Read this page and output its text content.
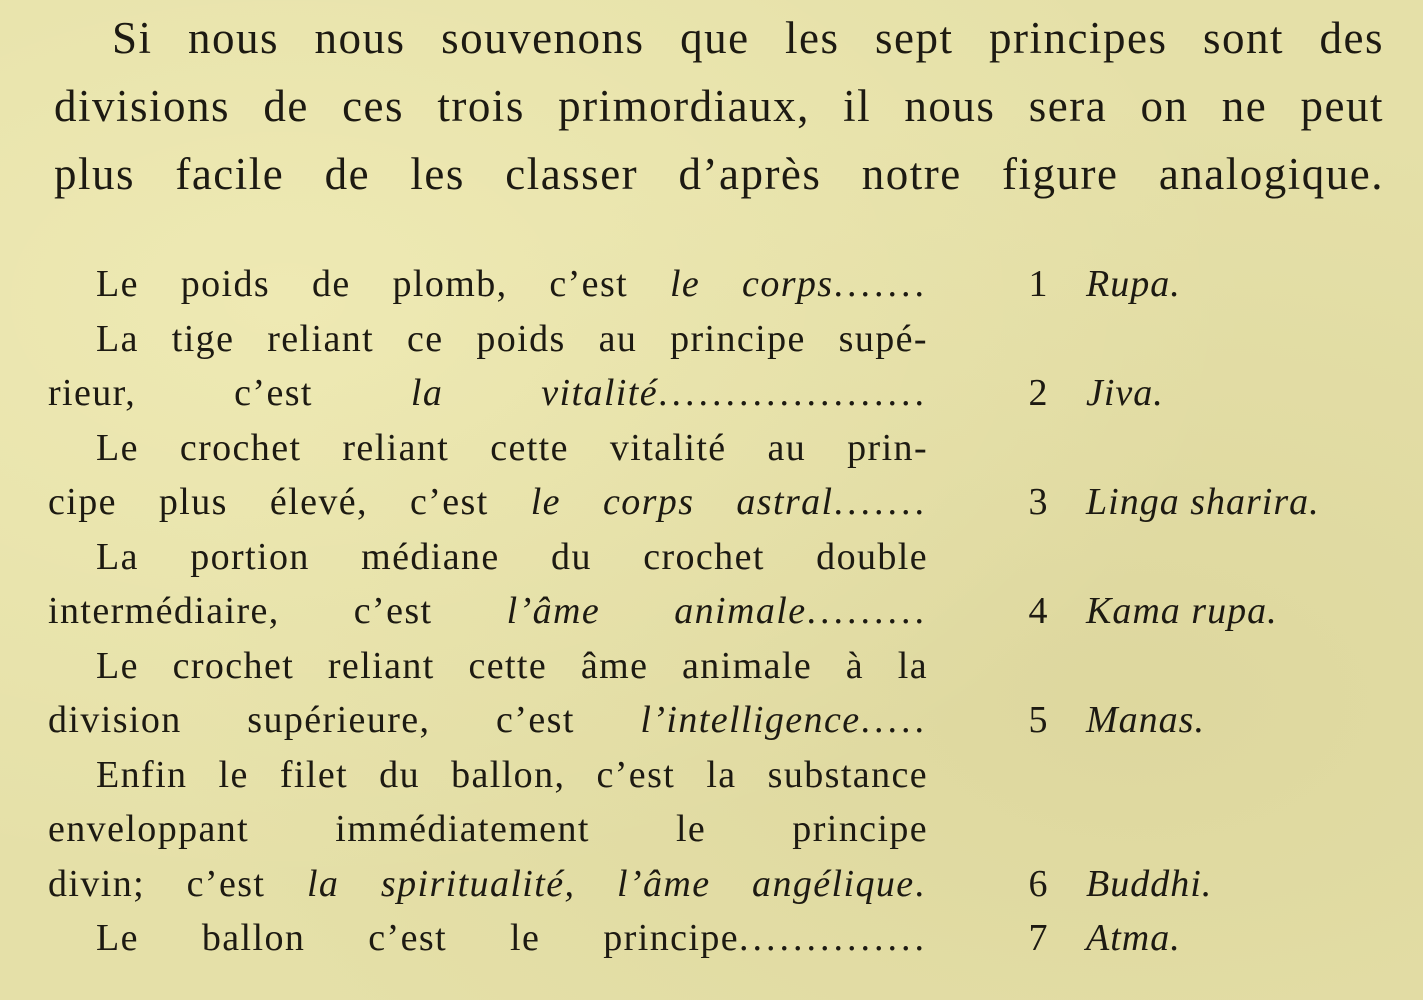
Si nous nous souvenons que les sept principes sont des
divisions de ces trois primordiaux, il nous sera on ne peut
plus facile de les classer d’après notre figure analogique.

Le poids de plomb, c’est le corps.......	1 Rupa.
La tige reliant ce poids au principe supé-
rieur, c’est la vitalité....................	2 Jiva.
Le crochet reliant cette vitalité au prin-
cipe plus élevé, c’est le corps astral.......	3 Linga sharira.
La portion médiane du crochet double
intermédiaire, c’est l’âme animale.........	4 Kama rupa.
Le crochet reliant cette âme animale à la
division supérieure, c’est l’intelligence.....	5 Manas.
Enfin le filet du ballon, c’est la substance
enveloppant immédiatement le principe
divin; c’est la spiritualité, l’âme angélique.	6 Buddhi.
Le ballon c’est le principe..............	7 Atma.
